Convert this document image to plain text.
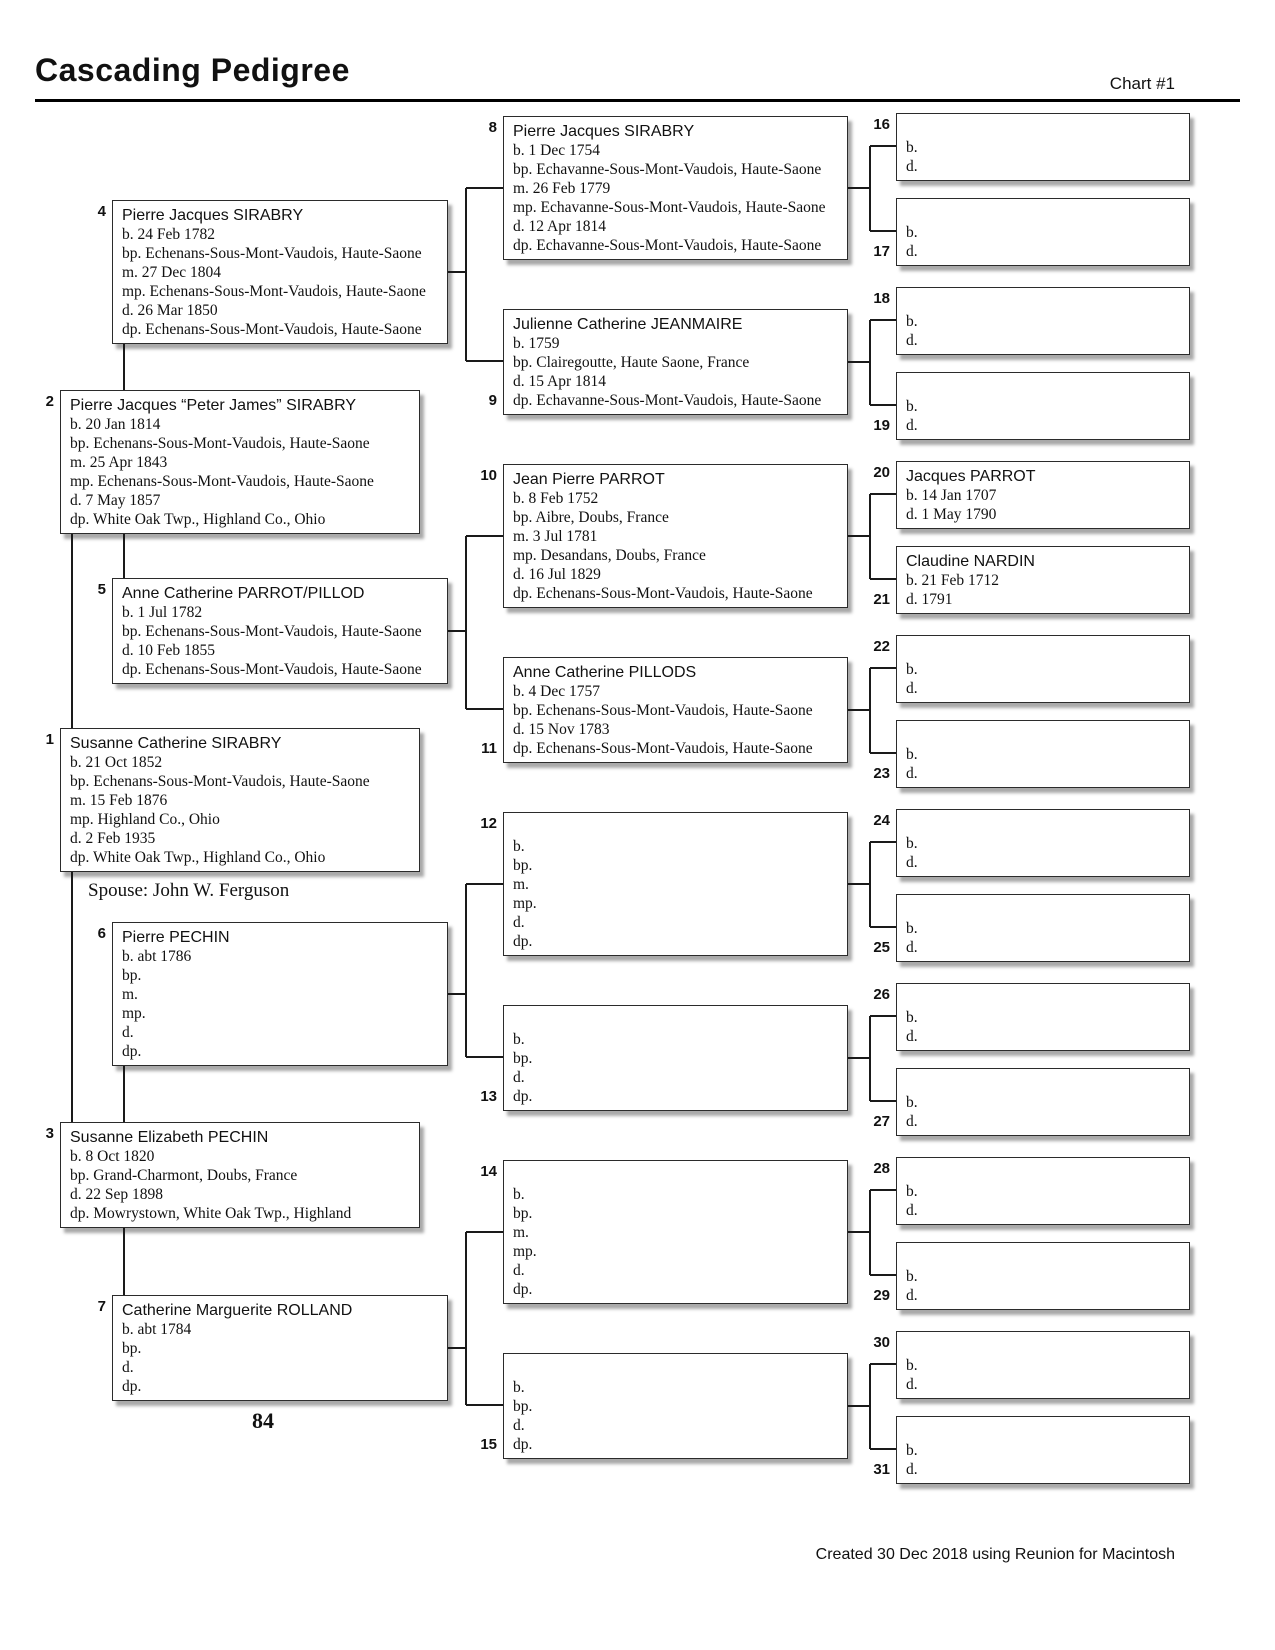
Cascading Pedigree	Chart #1
Susanne Catherine SIRABRY
b. 21 Oct 1852
bp. Echenans-Sous-Mont-Vaudois, Haute-Saone
m. 15 Feb 1876
mp. Highland Co., Ohio
d. 2 Feb 1935
dp. White Oak Twp., Highland Co., Ohio
1
Pierre Jacques “Peter James” SIRABRY
b. 20 Jan 1814
bp. Echenans-Sous-Mont-Vaudois, Haute-Saone
m. 25 Apr 1843
mp. Echenans-Sous-Mont-Vaudois, Haute-Saone
d. 7 May 1857
dp. White Oak Twp., Highland Co., Ohio
2
Susanne Elizabeth PECHIN
b. 8 Oct 1820
bp. Grand-Charmont, Doubs, France
d. 22 Sep 1898
dp. Mowrystown, White Oak Twp., Highland
3
Pierre Jacques SIRABRY
b. 24 Feb 1782
bp. Echenans-Sous-Mont-Vaudois, Haute-Saone
m. 27 Dec 1804
mp. Echenans-Sous-Mont-Vaudois, Haute-Saone
d. 26 Mar 1850
dp. Echenans-Sous-Mont-Vaudois, Haute-Saone
4
Anne Catherine PARROT/PILLOD
b. 1 Jul 1782
bp. Echenans-Sous-Mont-Vaudois, Haute-Saone
d. 10 Feb 1855
dp. Echenans-Sous-Mont-Vaudois, Haute-Saone
5
Pierre PECHIN
b. abt 1786
bp.
m.
mp.
d.
dp.
6
Catherine Marguerite ROLLAND
b. abt 1784
bp.
d.
dp.
7
Pierre Jacques SIRABRY
b. 1 Dec 1754
bp. Echavanne-Sous-Mont-Vaudois, Haute-Saone
m. 26 Feb 1779
mp. Echavanne-Sous-Mont-Vaudois, Haute-Saone
d. 12 Apr 1814
dp. Echavanne-Sous-Mont-Vaudois, Haute-Saone
8
Julienne Catherine JEANMAIRE
b. 1759
bp. Clairegoutte, Haute Saone, France
d. 15 Apr 1814
dp. Echavanne-Sous-Mont-Vaudois, Haute-Saone
9
Jean Pierre PARROT
b. 8 Feb 1752
bp. Aibre, Doubs, France
m. 3 Jul 1781
mp. Desandans, Doubs, France
d. 16 Jul 1829
dp. Echenans-Sous-Mont-Vaudois, Haute-Saone
10
Anne Catherine PILLODS
b. 4 Dec 1757
bp. Echenans-Sous-Mont-Vaudois, Haute-Saone
d. 15 Nov 1783
dp. Echenans-Sous-Mont-Vaudois, Haute-Saone
11

b.
bp.
m.
mp.
d.
dp.
12

b.
bp.
d.
dp.
13

b.
bp.
m.
mp.
d.
dp.
14

b.
bp.
d.
dp.
15

b.
d.
16

b.
d.
17

b.
d.
18

b.
d.
19
Jacques PARROT
b. 14 Jan 1707
d. 1 May 1790
20
Claudine NARDIN
b. 21 Feb 1712
d. 1791
21

b.
d.
22

b.
d.
23

b.
d.
24

b.
d.
25

b.
d.
26

b.
d.
27

b.
d.
28

b.
d.
29

b.
d.
30

b.
d.
31
Spouse: John W. Ferguson
84
Created 30 Dec 2018 using Reunion for Macintosh
